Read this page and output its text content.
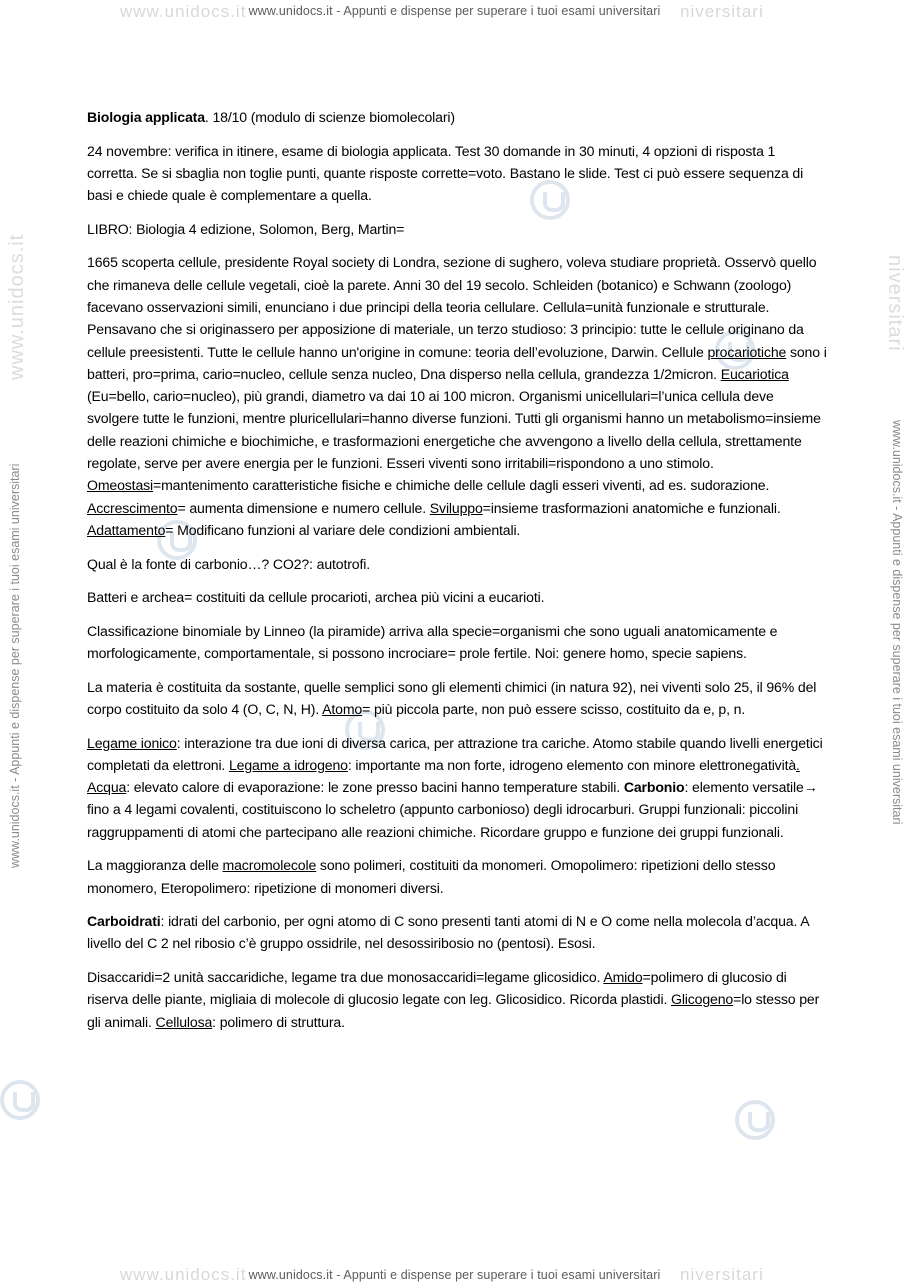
www.unidocs.it	niversitari
www.unidocs.it - Appunti e dispense per superare i tuoi esami universitari
www.unidocs.it	niversitari
www.unidocs.it - Appunti e dispense per superare i tuoi esami universitari
www.unidocs.it - Appunti e dispense per superare i tuoi esami universitari
www.unidocs.it
www.unidocs.it - Appunti e dispense per superare i tuoi esami universitari
niversitari

Biologia applicata. 18/10 (modulo di scienze biomolecolari)

24 novembre: verifica in itinere, esame di biologia applicata. Test 30 domande in 30 minuti, 4 opzioni di risposta 1 corretta. Se si sbaglia non toglie punti, quante risposte corrette=voto. Bastano le slide. Test ci può essere sequenza di basi e chiede quale è complementare a quella.

LIBRO: Biologia 4 edizione, Solomon, Berg, Martin=

1665 scoperta cellule, presidente Royal society di Londra, sezione di sughero, voleva studiare proprietà. Osservò quello che rimaneva delle cellule vegetali, cioè la parete. Anni 30 del 19 secolo. Schleiden (botanico) e Schwann (zoologo) facevano osservazioni simili, enunciano i due principi della teoria cellulare. Cellula=unità funzionale e strutturale. Pensavano che si originassero per apposizione di materiale, un terzo studioso: 3 principio: tutte le cellule originano da cellule preesistenti. Tutte le cellule hanno un'origine in comune: teoria dell’evoluzione, Darwin. Cellule procariotiche sono i batteri, pro=prima, cario=nucleo, cellule senza nucleo, Dna disperso nella cellula, grandezza 1/2micron. Eucariotica (Eu=bello, cario=nucleo), più grandi, diametro va dai 10 ai 100 micron. Organismi unicellulari=l’unica cellula deve svolgere tutte le funzioni, mentre pluricellulari=hanno diverse funzioni. Tutti gli organismi hanno un metabolismo=insieme delle reazioni chimiche e biochimiche, e trasformazioni energetiche che avvengono a livello della cellula, strettamente regolate, serve per avere energia per le funzioni. Esseri viventi sono irritabili=rispondono a uno stimolo. Omeostasi=mantenimento caratteristiche fisiche e chimiche delle cellule dagli esseri viventi, ad es. sudorazione. Accrescimento= aumenta dimensione e numero cellule. Sviluppo=insieme trasformazioni anatomiche e funzionali. Adattamento= Modificano funzioni al variare dele condizioni ambientali.

Qual è la fonte di carbonio…? CO2?: autotrofi.

Batteri e archea= costituiti da cellule procarioti, archea più vicini a eucarioti.

Classificazione binomiale by Linneo (la piramide) arriva alla specie=organismi che sono uguali anatomicamente e morfologicamente, comportamentale, si possono incrociare= prole fertile. Noi: genere homo, specie sapiens.

La materia è costituita da sostante, quelle semplici sono gli elementi chimici (in natura 92), nei viventi solo 25, il 96% del corpo costituito da solo 4 (O, C, N, H). Atomo= più piccola parte, non può essere scisso, costituito da e, p, n.

Legame ionico: interazione tra due ioni di diversa carica, per attrazione tra cariche. Atomo stabile quando livelli energetici completati da elettroni. Legame a idrogeno: importante ma non forte, idrogeno elemento con minore elettronegatività. Acqua: elevato calore di evaporazione: le zone presso bacini hanno temperature stabili. Carbonio: elemento versatile→ fino a 4 legami covalenti, costituiscono lo scheletro (appunto carbonioso) degli idrocarburi. Gruppi funzionali: piccolini raggruppamenti di atomi che partecipano alle reazioni chimiche. Ricordare gruppo e funzione dei gruppi funzionali.

La maggioranza delle macromolecole sono polimeri, costituiti da monomeri. Omopolimero: ripetizioni dello stesso monomero, Eteropolimero: ripetizione di monomeri diversi.

Carboidrati: idrati del carbonio, per ogni atomo di C sono presenti tanti atomi di N e O come nella molecola d’acqua. A livello del C 2 nel ribosio c’è gruppo ossidrile, nel desossiribosio no (pentosi). Esosi.

Disaccaridi=2 unità saccaridiche, legame tra due monosaccaridi=legame glicosidico. Amido=polimero di glucosio di riserva delle piante, migliaia di molecole di glucosio legate con leg. Glicosidico. Ricorda plastidi. Glicogeno=lo stesso per gli animali. Cellulosa: polimero di struttura.
